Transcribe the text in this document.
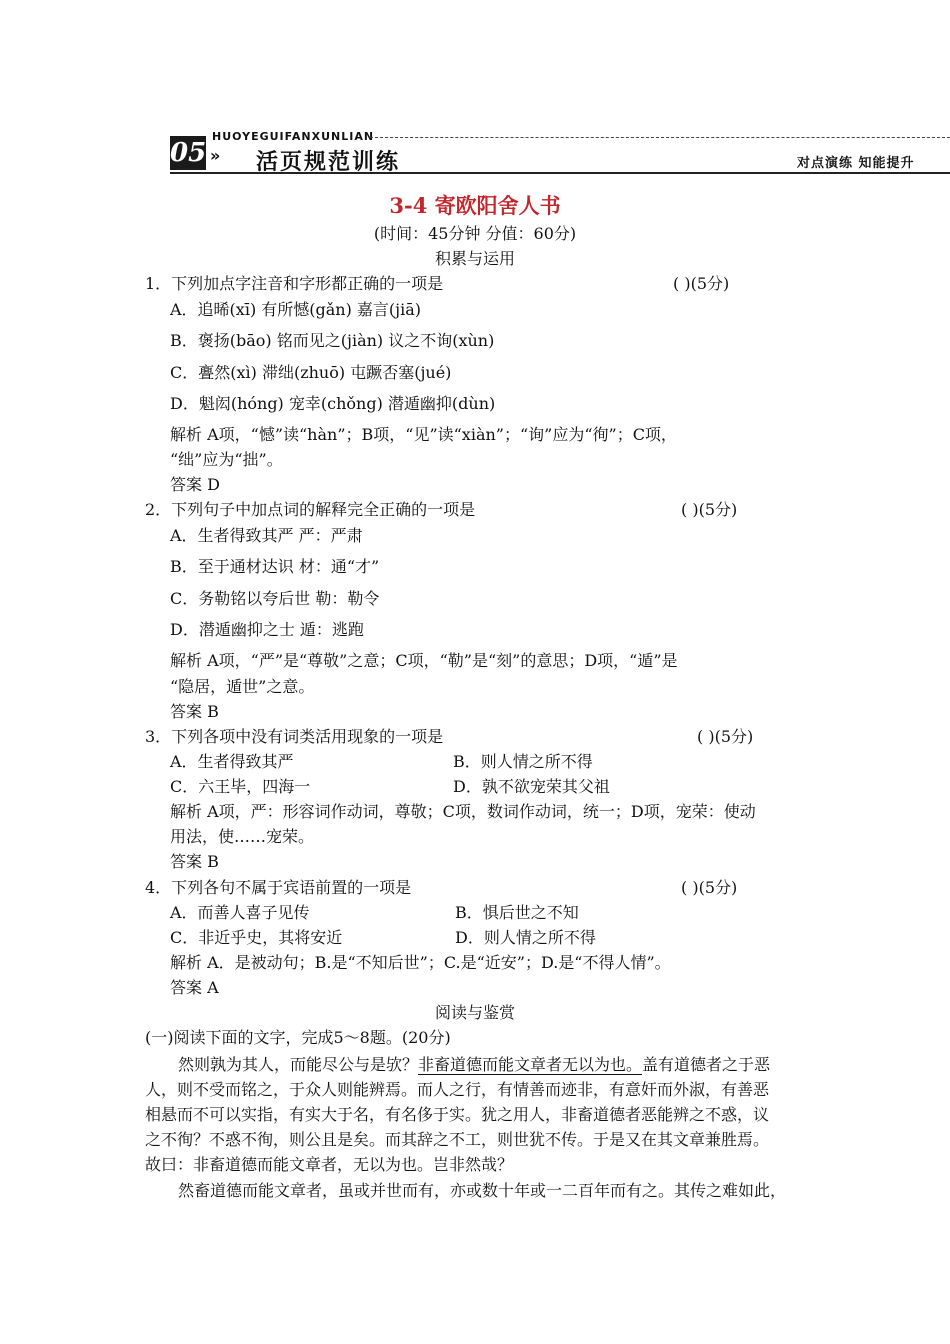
05
HUOYEGUIFANXUNLIAN
» 活页规范训练	对点演练 知能提升
3-4 寄欧阳舍人书
(时间：45分钟 分值：60分)
积累与运用
1．下列加点字注音和字形都正确的一项是	( )(5分)
A．追晞(xī) 有所憾(gǎn) 嘉言(jiā)
B．褒扬(bāo) 铭而见之(jiàn) 议之不询(xùn)
C．亹然(xì) 滞绌(zhuō) 屯蹶否塞(jué)
D．魁闳(hóng) 宠幸(chǒng) 潜遁幽抑(dùn)
解析 A项，“憾”读“hàn”；B项，“见”读“xiàn”；“询”应为“徇”；C项，
“绌”应为“拙”。
答案 D
2．下列句子中加点词的解释完全正确的一项是	( )(5分)
A．生者得致其严 严：严肃
B．至于通材达识 材：通“才”
C．务勒铭以夸后世 勒：勒令
D．潜遁幽抑之士 遁：逃跑
解析 A项，“严”是“尊敬”之意；C项，“勒”是“刻”的意思；D项，“遁”是
“隐居，遁世”之意。
答案 B
3．下列各项中没有词类活用现象的一项是	( )(5分)
A．生者得致其严	B．则人情之所不得
C．六王毕，四海一	D．孰不欲宠荣其父祖
解析 A项，严：形容词作动词，尊敬；C项，数词作动词，统一；D项，宠荣：使动
用法，使……宠荣。
答案 B
4．下列各句不属于宾语前置的一项是	( )(5分)
A．而善人喜子见传	B．惧后世之不知
C．非近乎史，其将安近	D．则人情之所不得
解析 A．是被动句；B.是“不知后世”；C.是“近安”；D.是“不得人情”。
答案 A
阅读与鉴赏
(一)阅读下面的文字，完成5～8题。(20分)
然则孰为其人，而能尽公与是欤？非畜道德而能文章者无以为也。盖有道德者之于恶
人，则不受而铭之，于众人则能辨焉。而人之行，有情善而迹非，有意奸而外淑，有善恶
相悬而不可以实指，有实大于名，有名侈于实。犹之用人，非畜道德者恶能辨之不惑，议
之不徇？不惑不徇，则公且是矣。而其辞之不工，则世犹不传。于是又在其文章兼胜焉。
故曰：非畜道德而能文章者，无以为也。岂非然哉？
然畜道德而能文章者，虽或并世而有，亦或数十年或一二百年而有之。其传之难如此，
